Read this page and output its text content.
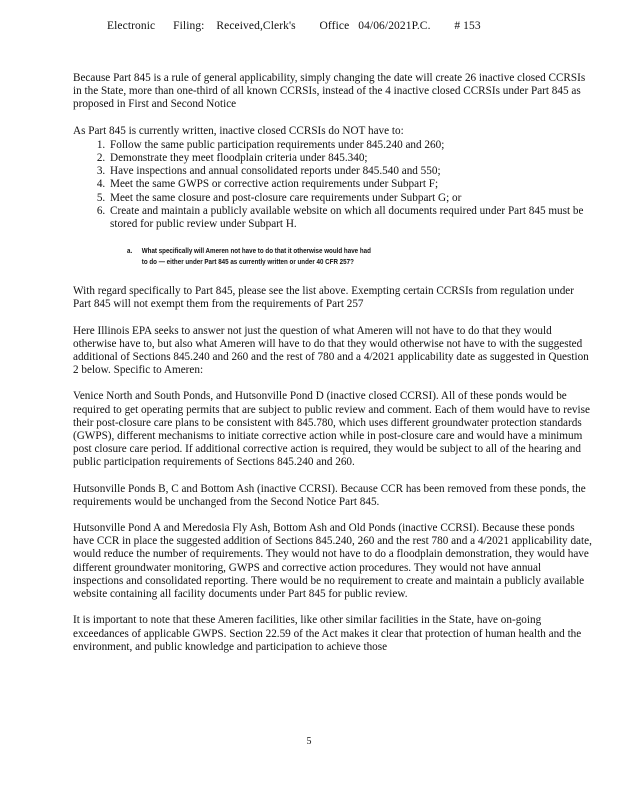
Electronic      Filing:    Received,Clerk's        Office   04/06/2021P.C.        # 153

Because Part 845 is a rule of general applicability, simply changing the date will create 26 inactive closed CCRSIs in the State, more than one-third of all known CCRSIs, instead of the 4 inactive closed CCRSIs under Part 845 as proposed in First and Second Notice

As Part 845 is currently written, inactive closed CCRSIs do NOT have to:

1. Follow the same public participation requirements under 845.240 and 260;
2. Demonstrate they meet floodplain criteria under 845.340;
3. Have inspections and annual consolidated reports under 845.540 and 550;
4. Meet the same GWPS or corrective action requirements under Subpart F;
5. Meet the same closure and post-closure care requirements under Subpart G; or
6. Create and maintain a publicly available website on which all documents required under Part 845 must be stored for public review under Subpart H.
a. What specifically will Ameren not have to do that it otherwise would have had
to do — either under Part 845 as currently written or under 40 CFR 257?

With regard specifically to Part 845, please see the list above. Exempting certain CCRSIs from regulation under Part 845 will not exempt them from the requirements of Part 257

Here Illinois EPA seeks to answer not just the question of what Ameren will not have to do that they would otherwise have to, but also what Ameren will have to do that they would otherwise not have to with the suggested additional of Sections 845.240 and 260 and the rest of 780 and a 4/2021 applicability date as suggested in Question 2 below. Specific to Ameren:

Venice North and South Ponds, and Hutsonville Pond D (inactive closed CCRSI). All of these ponds would be required to get operating permits that are subject to public review and comment. Each of them would have to revise their post-closure care plans to be consistent with 845.780, which uses different groundwater protection standards (GWPS), different mechanisms to initiate corrective action while in post-closure care and would have a minimum post closure care period. If additional corrective action is required, they would be subject to all of the hearing and public participation requirements of Sections 845.240 and 260.

Hutsonville Ponds B, C and Bottom Ash (inactive CCRSI). Because CCR has been removed from these ponds, the requirements would be unchanged from the Second Notice Part 845.

Hutsonville Pond A and Meredosia Fly Ash, Bottom Ash and Old Ponds (inactive CCRSI). Because these ponds have CCR in place the suggested addition of Sections 845.240, 260 and the rest 780 and a 4/2021 applicability date, would reduce the number of requirements. They would not have to do a floodplain demonstration, they would have different groundwater monitoring, GWPS and corrective action procedures. They would not have annual inspections and consolidated reporting. There would be no requirement to create and maintain a publicly available website containing all facility documents under Part 845 for public review.

It is important to note that these Ameren facilities, like other similar facilities in the State, have on-going exceedances of applicable GWPS. Section 22.59 of the Act makes it clear that protection of human health and the environment, and public knowledge and participation to achieve those

5
